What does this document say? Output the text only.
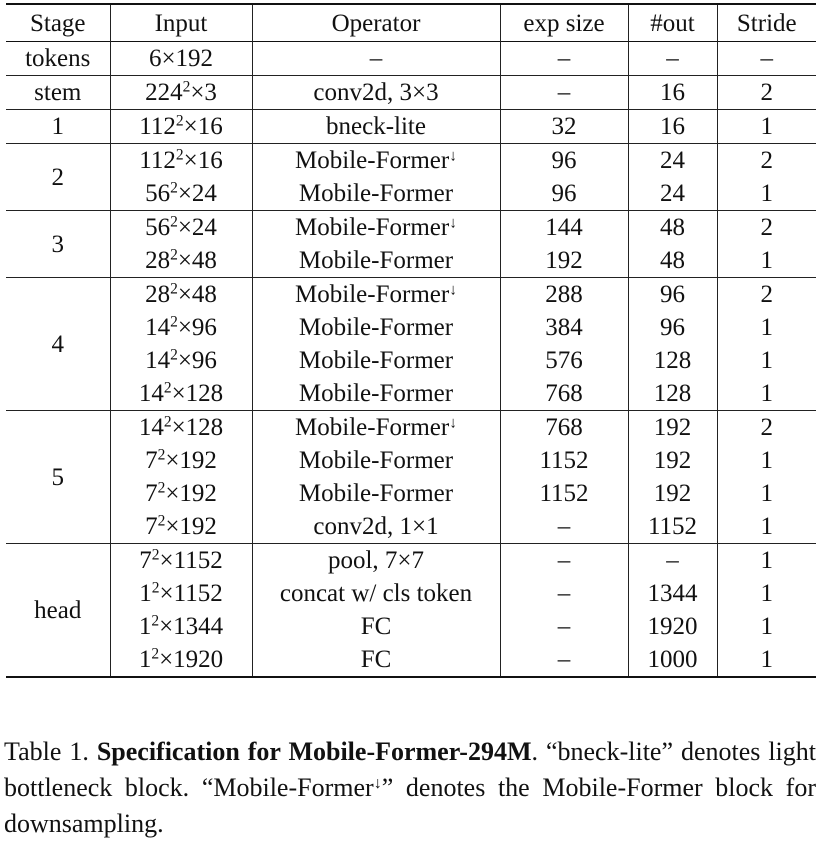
Stage	Input	Operator	exp size	#out	Stride
tokens	6×192	–	–	–	–
stem	$224^2\times 3$	conv2d, 3×3	–	16	2
1	$112^2\times 16$	bneck-lite	32	16	1
2	$112^2\times 16$	Mobile-Former↓	96	24	2
	$56^2\times 24$	Mobile-Former	96	24	1
3	$56^2\times 24$	Mobile-Former↓	144	48	2
	$28^2\times 48$	Mobile-Former	192	48	1
4	$28^2\times 48$	Mobile-Former↓	288	96	2
	$14^2\times 96$	Mobile-Former	384	96	1
	$14^2\times 96$	Mobile-Former	576	128	1
	$14^2\times 128$	Mobile-Former	768	128	1
5	$14^2\times 128$	Mobile-Former↓	768	192	2
	$7^2\times 192$	Mobile-Former	1152	192	1
	$7^2\times 192$	Mobile-Former	1152	192	1
	$7^2\times 192$	conv2d, 1×1	–	1152	1
head	$7^2\times 1152$	pool, 7×7	–	–	1
	$1^2\times 1152$	concat w/ cls token	–	1344	1
	$1^2\times 1344$	FC	–	1920	1
	$1^2\times 1920$	FC	–	1000	1
Table 1. Specification for Mobile-Former-294M. “bneck-lite” denotes light bottleneck block. “Mobile-Former↓” denotes the Mobile-Former block for downsampling.
